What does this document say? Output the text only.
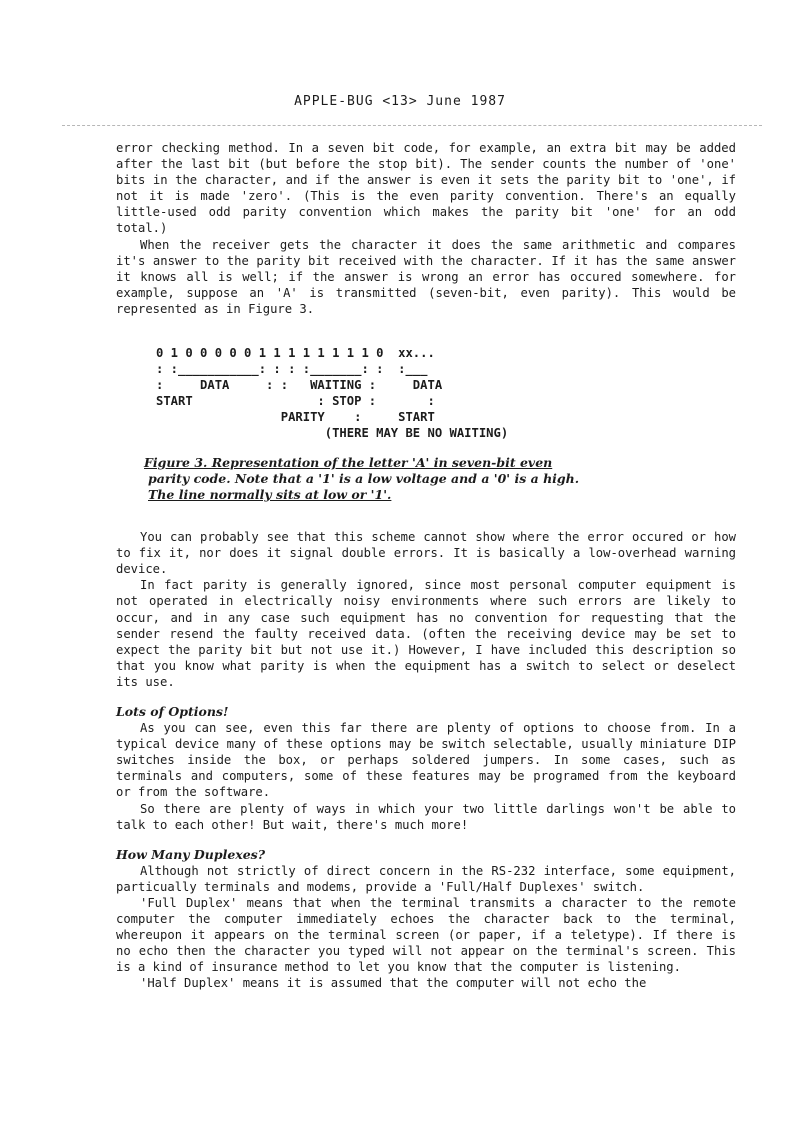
APPLE-BUG <13> June 1987

error checking method. In a seven bit code, for example, an extra bit may be added after the last bit (but before the stop bit). The sender counts the number of 'one' bits in the character, and if the answer is even it sets the parity bit to 'one', if not it is made 'zero'. (This is the even parity convention. There's an equally little-used odd parity convention which makes the parity bit 'one' for an odd total.)

When the receiver gets the character it does the same arithmetic and compares it's answer to the parity bit received with the character. If it has the same answer it knows all is well; if the answer is wrong an error has occured somewhere. for example, suppose an 'A' is transmitted (seven-bit, even parity). This would be represented as in Figure 3.

0 1 0 0 0 0 0 1 1 1 1 1 1 1 1 0  xx...
: :___________: : : :_______: :  :___
:     DATA     : :   WAITING :     DATA
START                 : STOP :       :
PARITY    :     START
(THERE MAY BE NO WAITING)

Figure 3. Representation of the letter 'A' in seven-bit even
parity code. Note that a '1' is a low voltage and a '0' is a high.
The line normally sits at low or '1'.

You can probably see that this scheme cannot show where the error occured or how to fix it, nor does it signal double errors. It is basically a low-overhead warning device.

In fact parity is generally ignored, since most personal computer equipment is not operated in electrically noisy environments where such errors are likely to occur, and in any case such equipment has no convention for requesting that the sender resend the faulty received data. (often the receiving device may be set to expect the parity bit but not use it.) However, I have included this description so that you know what parity is when the equipment has a switch to select or deselect its use.

Lots of Options!

As you can see, even this far there are plenty of options to choose from. In a typical device many of these options may be switch selectable, usually miniature DIP switches inside the box, or perhaps soldered jumpers. In some cases, such as terminals and computers, some of these features may be programed from the keyboard or from the software.

So there are plenty of ways in which your two little darlings won't be able to talk to each other! But wait, there's much more!

How Many Duplexes?

Although not strictly of direct concern in the RS-232 interface, some equipment, particually terminals and modems, provide a 'Full/Half Duplexes' switch.

'Full Duplex' means that when the terminal transmits a character to the remote computer the computer immediately echoes the character back to the terminal, whereupon it appears on the terminal screen (or paper, if a teletype). If there is no echo then the character you typed will not appear on the terminal's screen. This is a kind of insurance method to let you know that the computer is listening.

'Half Duplex' means it is assumed that the computer will not echo the
